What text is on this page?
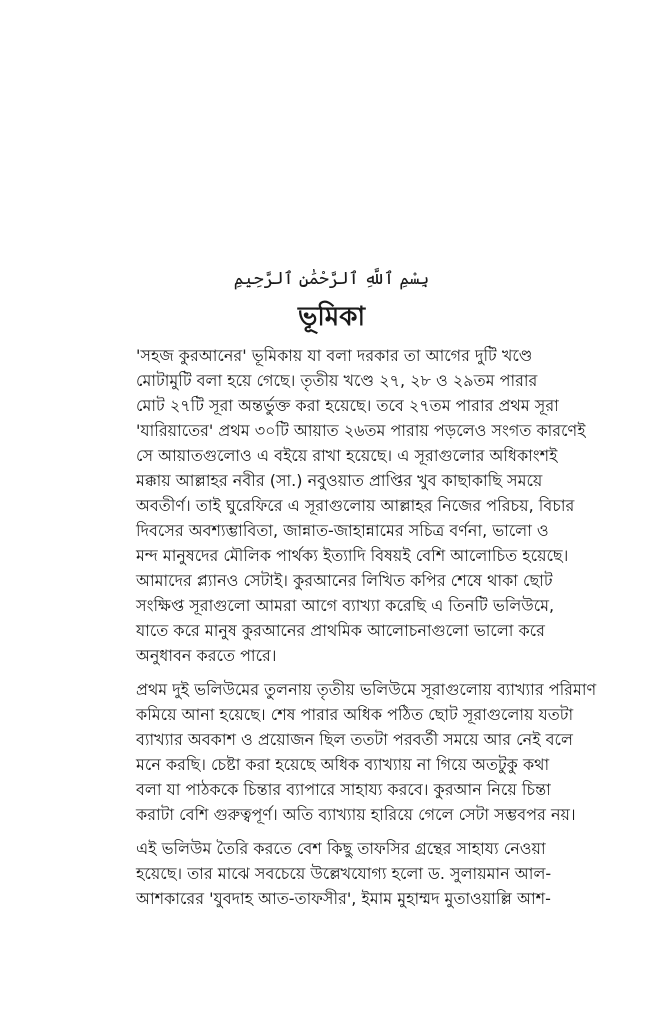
بِسْمِ ٱللَّهِ ٱلرَّحْمَٰنِ ٱلرَّحِيمِ
ভূমিকা
'সহজ কুরআনের' ভূমিকায় যা বলা দরকার তা আগের দুটি খণ্ডে
মোটামুটি বলা হয়ে গেছে। তৃতীয় খণ্ডে ২৭, ২৮ ও ২৯তম পারার
মোট ২৭টি সূরা অন্তর্ভুক্ত করা হয়েছে। তবে ২৭তম পারার প্রথম সূরা
'যারিয়াতের' প্রথম ৩০টি আয়াত ২৬তম পারায় পড়লেও সংগত কারণেই
সে আয়াতগুলোও এ বইয়ে রাখা হয়েছে। এ সূরাগুলোর অধিকাংশই
মক্কায় আল্লাহর নবীর (সা.) নবুওয়াত প্রাপ্তির খুব কাছাকাছি সময়ে
অবতীর্ণ। তাই ঘুরেফিরে এ সূরাগুলোয় আল্লাহর নিজের পরিচয়, বিচার
দিবসের অবশ্যম্ভাবিতা, জান্নাত-জাহান্নামের সচিত্র বর্ণনা, ভালো ও
মন্দ মানুষদের মৌলিক পার্থক্য ইত্যাদি বিষয়ই বেশি আলোচিত হয়েছে।
আমাদের প্ল্যানও সেটাই। কুরআনের লিখিত কপির শেষে থাকা ছোট
সংক্ষিপ্ত সূরাগুলো আমরা আগে ব্যাখ্যা করেছি এ তিনটি ভলিউমে,
যাতে করে মানুষ কুরআনের প্রাথমিক আলোচনাগুলো ভালো করে
অনুধাবন করতে পারে।
প্রথম দুই ভলিউমের তুলনায় তৃতীয় ভলিউমে সূরাগুলোয় ব্যাখ্যার পরিমাণ
কমিয়ে আনা হয়েছে। শেষ পারার অধিক পঠিত ছোট সূরাগুলোয় যতটা
ব্যাখ্যার অবকাশ ও প্রয়োজন ছিল ততটা পরবর্তী সময়ে আর নেই বলে
মনে করছি। চেষ্টা করা হয়েছে অধিক ব্যাখ্যায় না গিয়ে অতটুকু কথা
বলা যা পাঠককে চিন্তার ব্যাপারে সাহায্য করবে। কুরআন নিয়ে চিন্তা
করাটা বেশি গুরুত্বপূর্ণ। অতি ব্যাখ্যায় হারিয়ে গেলে সেটা সম্ভবপর নয়।
এই ভলিউম তৈরি করতে বেশ কিছু তাফসির গ্রন্থের সাহায্য নেওয়া
হয়েছে। তার মাঝে সবচেয়ে উল্লেখযোগ্য হলো ড. সুলায়মান আল-
আশকারের 'যুবদাহ আত-তাফসীর', ইমাম মুহাম্মদ মুতাওয়াল্লি আশ-
